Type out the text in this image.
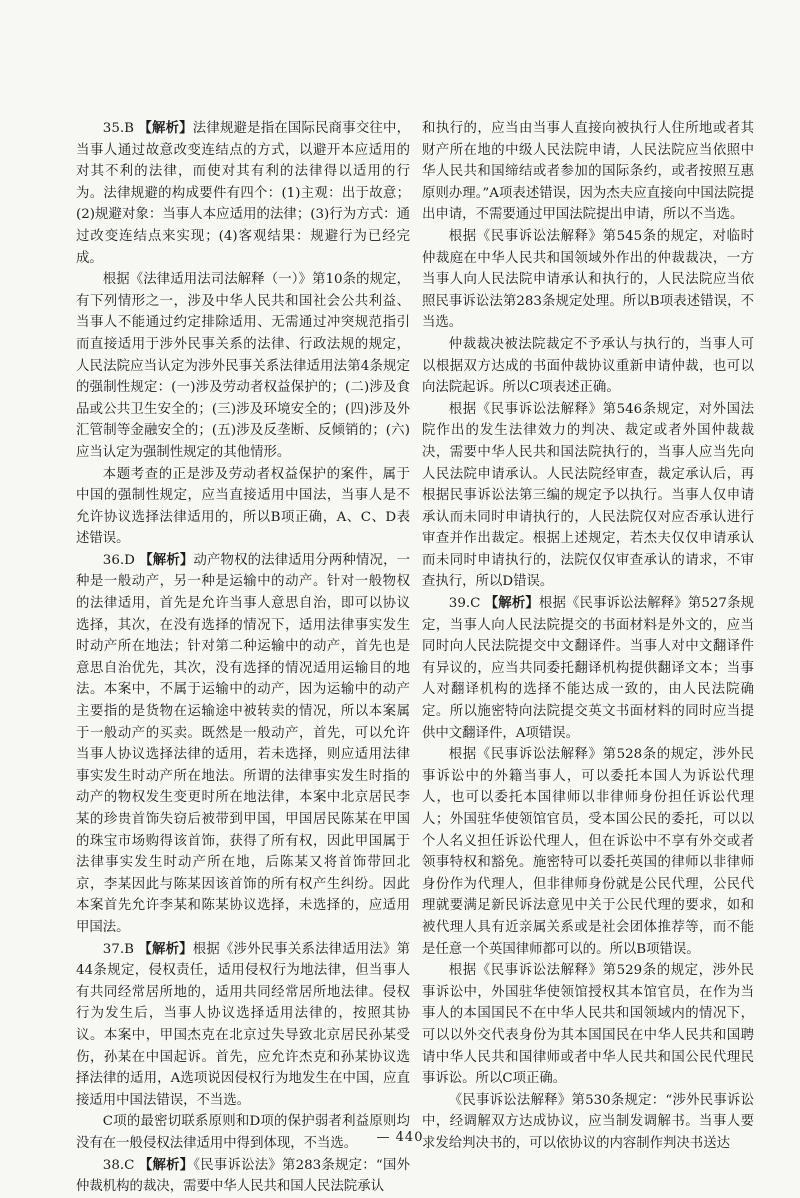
35.B 【解析】法律规避是指在国际民商事交往中，当事人通过故意改变连结点的方式，以避开本应适用的对其不利的法律，而使对其有利的法律得以适用的行为。法律规避的构成要件有四个：(1)主观：出于故意；(2)规避对象：当事人本应适用的法律；(3)行为方式：通过改变连结点来实现；(4)客观结果：规避行为已经完成。

根据《法律适用法司法解释（一）》第10条的规定，有下列情形之一，涉及中华人民共和国社会公共利益、当事人不能通过约定排除适用、无需通过冲突规范指引而直接适用于涉外民事关系的法律、行政法规的规定，人民法院应当认定为涉外民事关系法律适用法第4条规定的强制性规定：(一)涉及劳动者权益保护的；(二)涉及食品或公共卫生安全的；(三)涉及环境安全的；(四)涉及外汇管制等金融安全的；(五)涉及反垄断、反倾销的；(六)应当认定为强制性规定的其他情形。

本题考查的正是涉及劳动者权益保护的案件，属于中国的强制性规定，应当直接适用中国法，当事人是不允许协议选择法律适用的，所以B项正确，A、C、D表述错误。

36.D 【解析】动产物权的法律适用分两种情况，一种是一般动产，另一种是运输中的动产。针对一般物权的法律适用，首先是允许当事人意思自治，即可以协议选择，其次，在没有选择的情况下，适用法律事实发生时动产所在地法；针对第二种运输中的动产，首先也是意思自治优先，其次，没有选择的情况适用运输目的地法。本案中，不属于运输中的动产，因为运输中的动产主要指的是货物在运输途中被转卖的情况，所以本案属于一般动产的买卖。既然是一般动产，首先，可以允许当事人协议选择法律的适用，若未选择，则应适用法律事实发生时动产所在地法。所谓的法律事实发生时指的动产的物权发生变更时所在地法律，本案中北京居民李某的珍贵首饰失窃后被带到甲国，甲国居民陈某在甲国的珠宝市场购得该首饰，获得了所有权，因此甲国属于法律事实发生时动产所在地，后陈某又将首饰带回北京，李某因此与陈某因该首饰的所有权产生纠纷。因此本案首先允许李某和陈某协议选择，未选择的，应适用甲国法。

37.B 【解析】根据《涉外民事关系法律适用法》第44条规定，侵权责任，适用侵权行为地法律，但当事人有共同经常居所地的，适用共同经常居所地法律。侵权行为发生后，当事人协议选择适用法律的，按照其协议。本案中，甲国杰克在北京过失导致北京居民孙某受伤，孙某在中国起诉。首先，应允许杰克和孙某协议选择法律的适用，A选项说因侵权行为地发生在中国，应直接适用中国法错误，不当选。

C项的最密切联系原则和D项的保护弱者利益原则均没有在一般侵权法律适用中得到体现，不当选。

38.C 【解析】《民事诉讼法》第283条规定：“国外仲裁机构的裁决，需要中华人民共和国人民法院承认

和执行的，应当由当事人直接向被执行人住所地或者其财产所在地的中级人民法院申请，人民法院应当依照中华人民共和国缔结或者参加的国际条约，或者按照互惠原则办理。”A项表述错误，因为杰夫应直接向中国法院提出申请，不需要通过甲国法院提出申请，所以不当选。

根据《民事诉讼法解释》第545条的规定，对临时仲裁庭在中华人民共和国领域外作出的仲裁裁决，一方当事人向人民法院申请承认和执行的，人民法院应当依照民事诉讼法第283条规定处理。所以B项表述错误，不当选。

仲裁裁决被法院裁定不予承认与执行的，当事人可以根据双方达成的书面仲裁协议重新申请仲裁，也可以向法院起诉。所以C项表述正确。

根据《民事诉讼法解释》第546条规定，对外国法院作出的发生法律效力的判决、裁定或者外国仲裁裁决，需要中华人民共和国法院执行的，当事人应当先向人民法院申请承认。人民法院经审查，裁定承认后，再根据民事诉讼法第三编的规定予以执行。当事人仅申请承认而未同时申请执行的，人民法院仅对应否承认进行审查并作出裁定。根据上述规定，若杰夫仅仅申请承认而未同时申请执行的，法院仅仅审查承认的请求，不审查执行，所以D错误。

39.C 【解析】根据《民事诉讼法解释》第527条规定，当事人向人民法院提交的书面材料是外文的，应当同时向人民法院提交中文翻译件。当事人对中文翻译件有异议的，应当共同委托翻译机构提供翻译文本；当事人对翻译机构的选择不能达成一致的，由人民法院确定。所以施密特向法院提交英文书面材料的同时应当提供中文翻译件，A项错误。

根据《民事诉讼法解释》第528条的规定，涉外民事诉讼中的外籍当事人，可以委托本国人为诉讼代理人，也可以委托本国律师以非律师身份担任诉讼代理人；外国驻华使领馆官员，受本国公民的委托，可以以个人名义担任诉讼代理人，但在诉讼中不享有外交或者领事特权和豁免。施密特可以委托英国的律师以非律师身份作为代理人，但非律师身份就是公民代理，公民代理就要满足新民诉法意见中关于公民代理的要求，如和被代理人具有近亲属关系或是社会团体推荐等，而不能是任意一个英国律师都可以的。所以B项错误。

根据《民事诉讼法解释》第529条的规定，涉外民事诉讼中，外国驻华使领馆授权其本馆官员，在作为当事人的本国国民不在中华人民共和国领域内的情况下，可以以外交代表身份为其本国国民在中华人民共和国聘请中华人民共和国律师或者中华人民共和国公民代理民事诉讼。所以C项正确。

《民事诉讼法解释》第530条规定：“涉外民事诉讼中，经调解双方达成协议，应当制发调解书。当事人要求发给判决书的，可以依协议的内容制作判决书送达

— 440
